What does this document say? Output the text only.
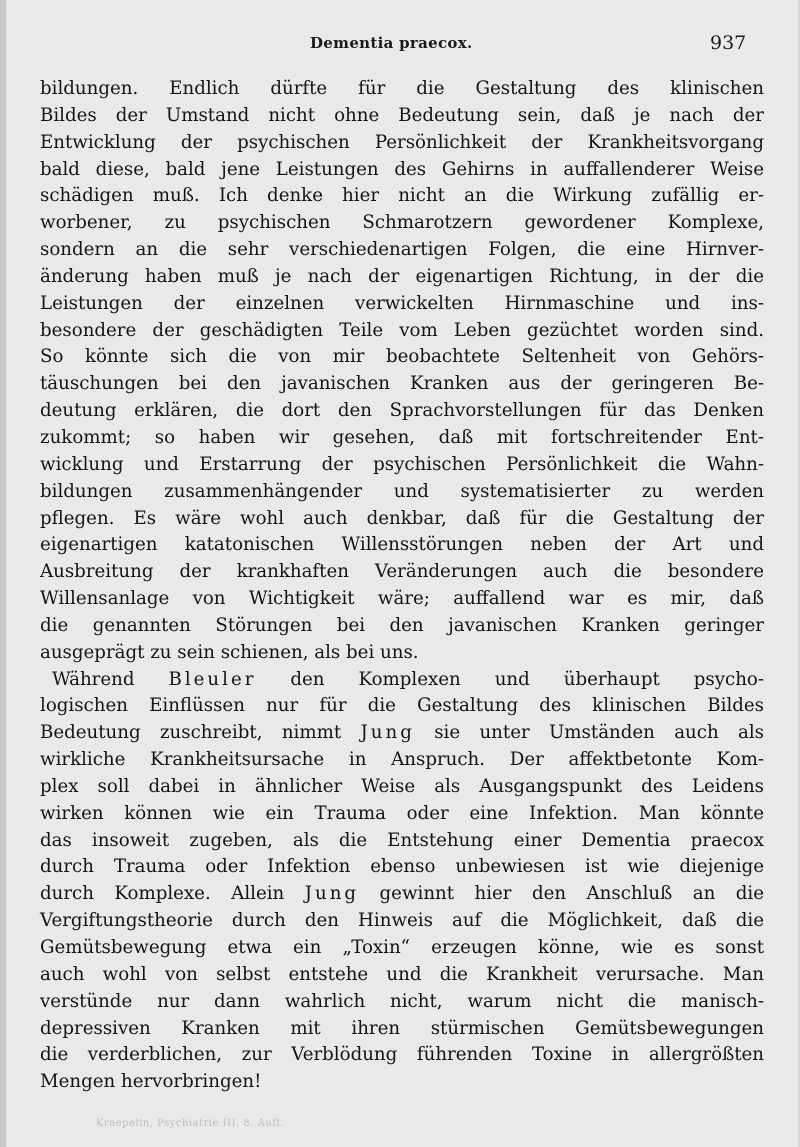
Dementia praecox.	937
bildungen. Endlich dürfte für die Gestaltung des klinischen
Bildes der Umstand nicht ohne Bedeutung sein, daß je nach der
Entwicklung der psychischen Persönlichkeit der Krankheitsvorgang
bald diese, bald jene Leistungen des Gehirns in auffallenderer Weise
schädigen muß. Ich denke hier nicht an die Wirkung zufällig er-
worbener, zu psychischen Schmarotzern gewordener Komplexe,
sondern an die sehr verschiedenartigen Folgen, die eine Hirnver-
änderung haben muß je nach der eigenartigen Richtung, in der die
Leistungen der einzelnen verwickelten Hirnmaschine und ins-
besondere der geschädigten Teile vom Leben gezüchtet worden sind.
So könnte sich die von mir beobachtete Seltenheit von Gehörs-
täuschungen bei den javanischen Kranken aus der geringeren Be-
deutung erklären, die dort den Sprachvorstellungen für das Denken
zukommt; so haben wir gesehen, daß mit fortschreitender Ent-
wicklung und Erstarrung der psychischen Persönlichkeit die Wahn-
bildungen zusammenhängender und systematisierter zu werden
pflegen. Es wäre wohl auch denkbar, daß für die Gestaltung der
eigenartigen katatonischen Willensstörungen neben der Art und
Ausbreitung der krankhaften Veränderungen auch die besondere
Willensanlage von Wichtigkeit wäre; auffallend war es mir, daß
die genannten Störungen bei den javanischen Kranken geringer
ausgeprägt zu sein schienen, als bei uns.
Während Bleuler den Komplexen und überhaupt psycho-
logischen Einflüssen nur für die Gestaltung des klinischen Bildes
Bedeutung zuschreibt, nimmt Jung sie unter Umständen auch als
wirkliche Krankheitsursache in Anspruch. Der affektbetonte Kom-
plex soll dabei in ähnlicher Weise als Ausgangspunkt des Leidens
wirken können wie ein Trauma oder eine Infektion. Man könnte
das insoweit zugeben, als die Entstehung einer Dementia praecox
durch Trauma oder Infektion ebenso unbewiesen ist wie diejenige
durch Komplexe. Allein Jung gewinnt hier den Anschluß an die
Vergiftungstheorie durch den Hinweis auf die Möglichkeit, daß die
Gemütsbewegung etwa ein „Toxin“ erzeugen könne, wie es sonst
auch wohl von selbst entstehe und die Krankheit verursache. Man
verstünde nur dann wahrlich nicht, warum nicht die manisch-
depressiven Kranken mit ihren stürmischen Gemütsbewegungen
die verderblichen, zur Verblödung führenden Toxine in allergrößten
Mengen hervorbringen!
Kraepelin, Psychiatrie III. 8. Aufl.
